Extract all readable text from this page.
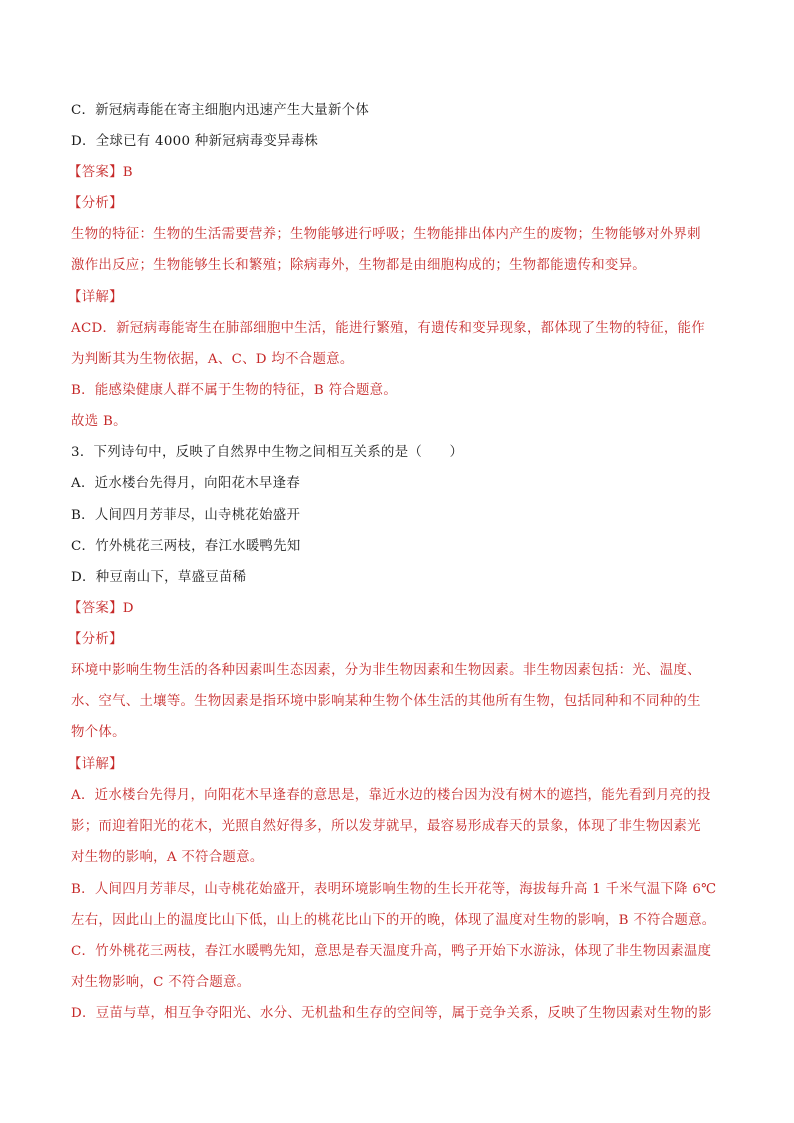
C．新冠病毒能在寄主细胞内迅速产生大量新个体
D．全球已有 4000 种新冠病毒变异毒株
【答案】B
【分析】
生物的特征：生物的生活需要营养；生物能够进行呼吸；生物能排出体内产生的废物；生物能够对外界刺
激作出反应；生物能够生长和繁殖；除病毒外，生物都是由细胞构成的；生物都能遗传和变异。
【详解】
ACD．新冠病毒能寄生在肺部细胞中生活，能进行繁殖，有遗传和变异现象，都体现了生物的特征，能作
为判断其为生物依据，A、C、D 均不合题意。
B．能感染健康人群不属于生物的特征，B 符合题意。
故选 B。
3．下列诗句中，反映了自然界中生物之间相互关系的是（　　）
A．近水楼台先得月，向阳花木早逢春
B．人间四月芳菲尽，山寺桃花始盛开
C．竹外桃花三两枝，春江水暖鸭先知
D．种豆南山下，草盛豆苗稀
【答案】D
【分析】
环境中影响生物生活的各种因素叫生态因素，分为非生物因素和生物因素。非生物因素包括：光、温度、
水、空气、土壤等。生物因素是指环境中影响某种生物个体生活的其他所有生物，包括同种和不同种的生
物个体。
【详解】
A．近水楼台先得月，向阳花木早逢春的意思是，靠近水边的楼台因为没有树木的遮挡，能先看到月亮的投
影；而迎着阳光的花木，光照自然好得多，所以发芽就早，最容易形成春天的景象，体现了非生物因素光
对生物的影响，A 不符合题意。
B．人间四月芳菲尽，山寺桃花始盛开，表明环境影响生物的生长开花等，海拔每升高 1 千米气温下降 6℃
左右，因此山上的温度比山下低，山上的桃花比山下的开的晚，体现了温度对生物的影响，B 不符合题意。
C．竹外桃花三两枝，春江水暖鸭先知，意思是春天温度升高，鸭子开始下水游泳，体现了非生物因素温度
对生物影响，C 不符合题意。
D．豆苗与草，相互争夺阳光、水分、无机盐和生存的空间等，属于竞争关系，反映了生物因素对生物的影
